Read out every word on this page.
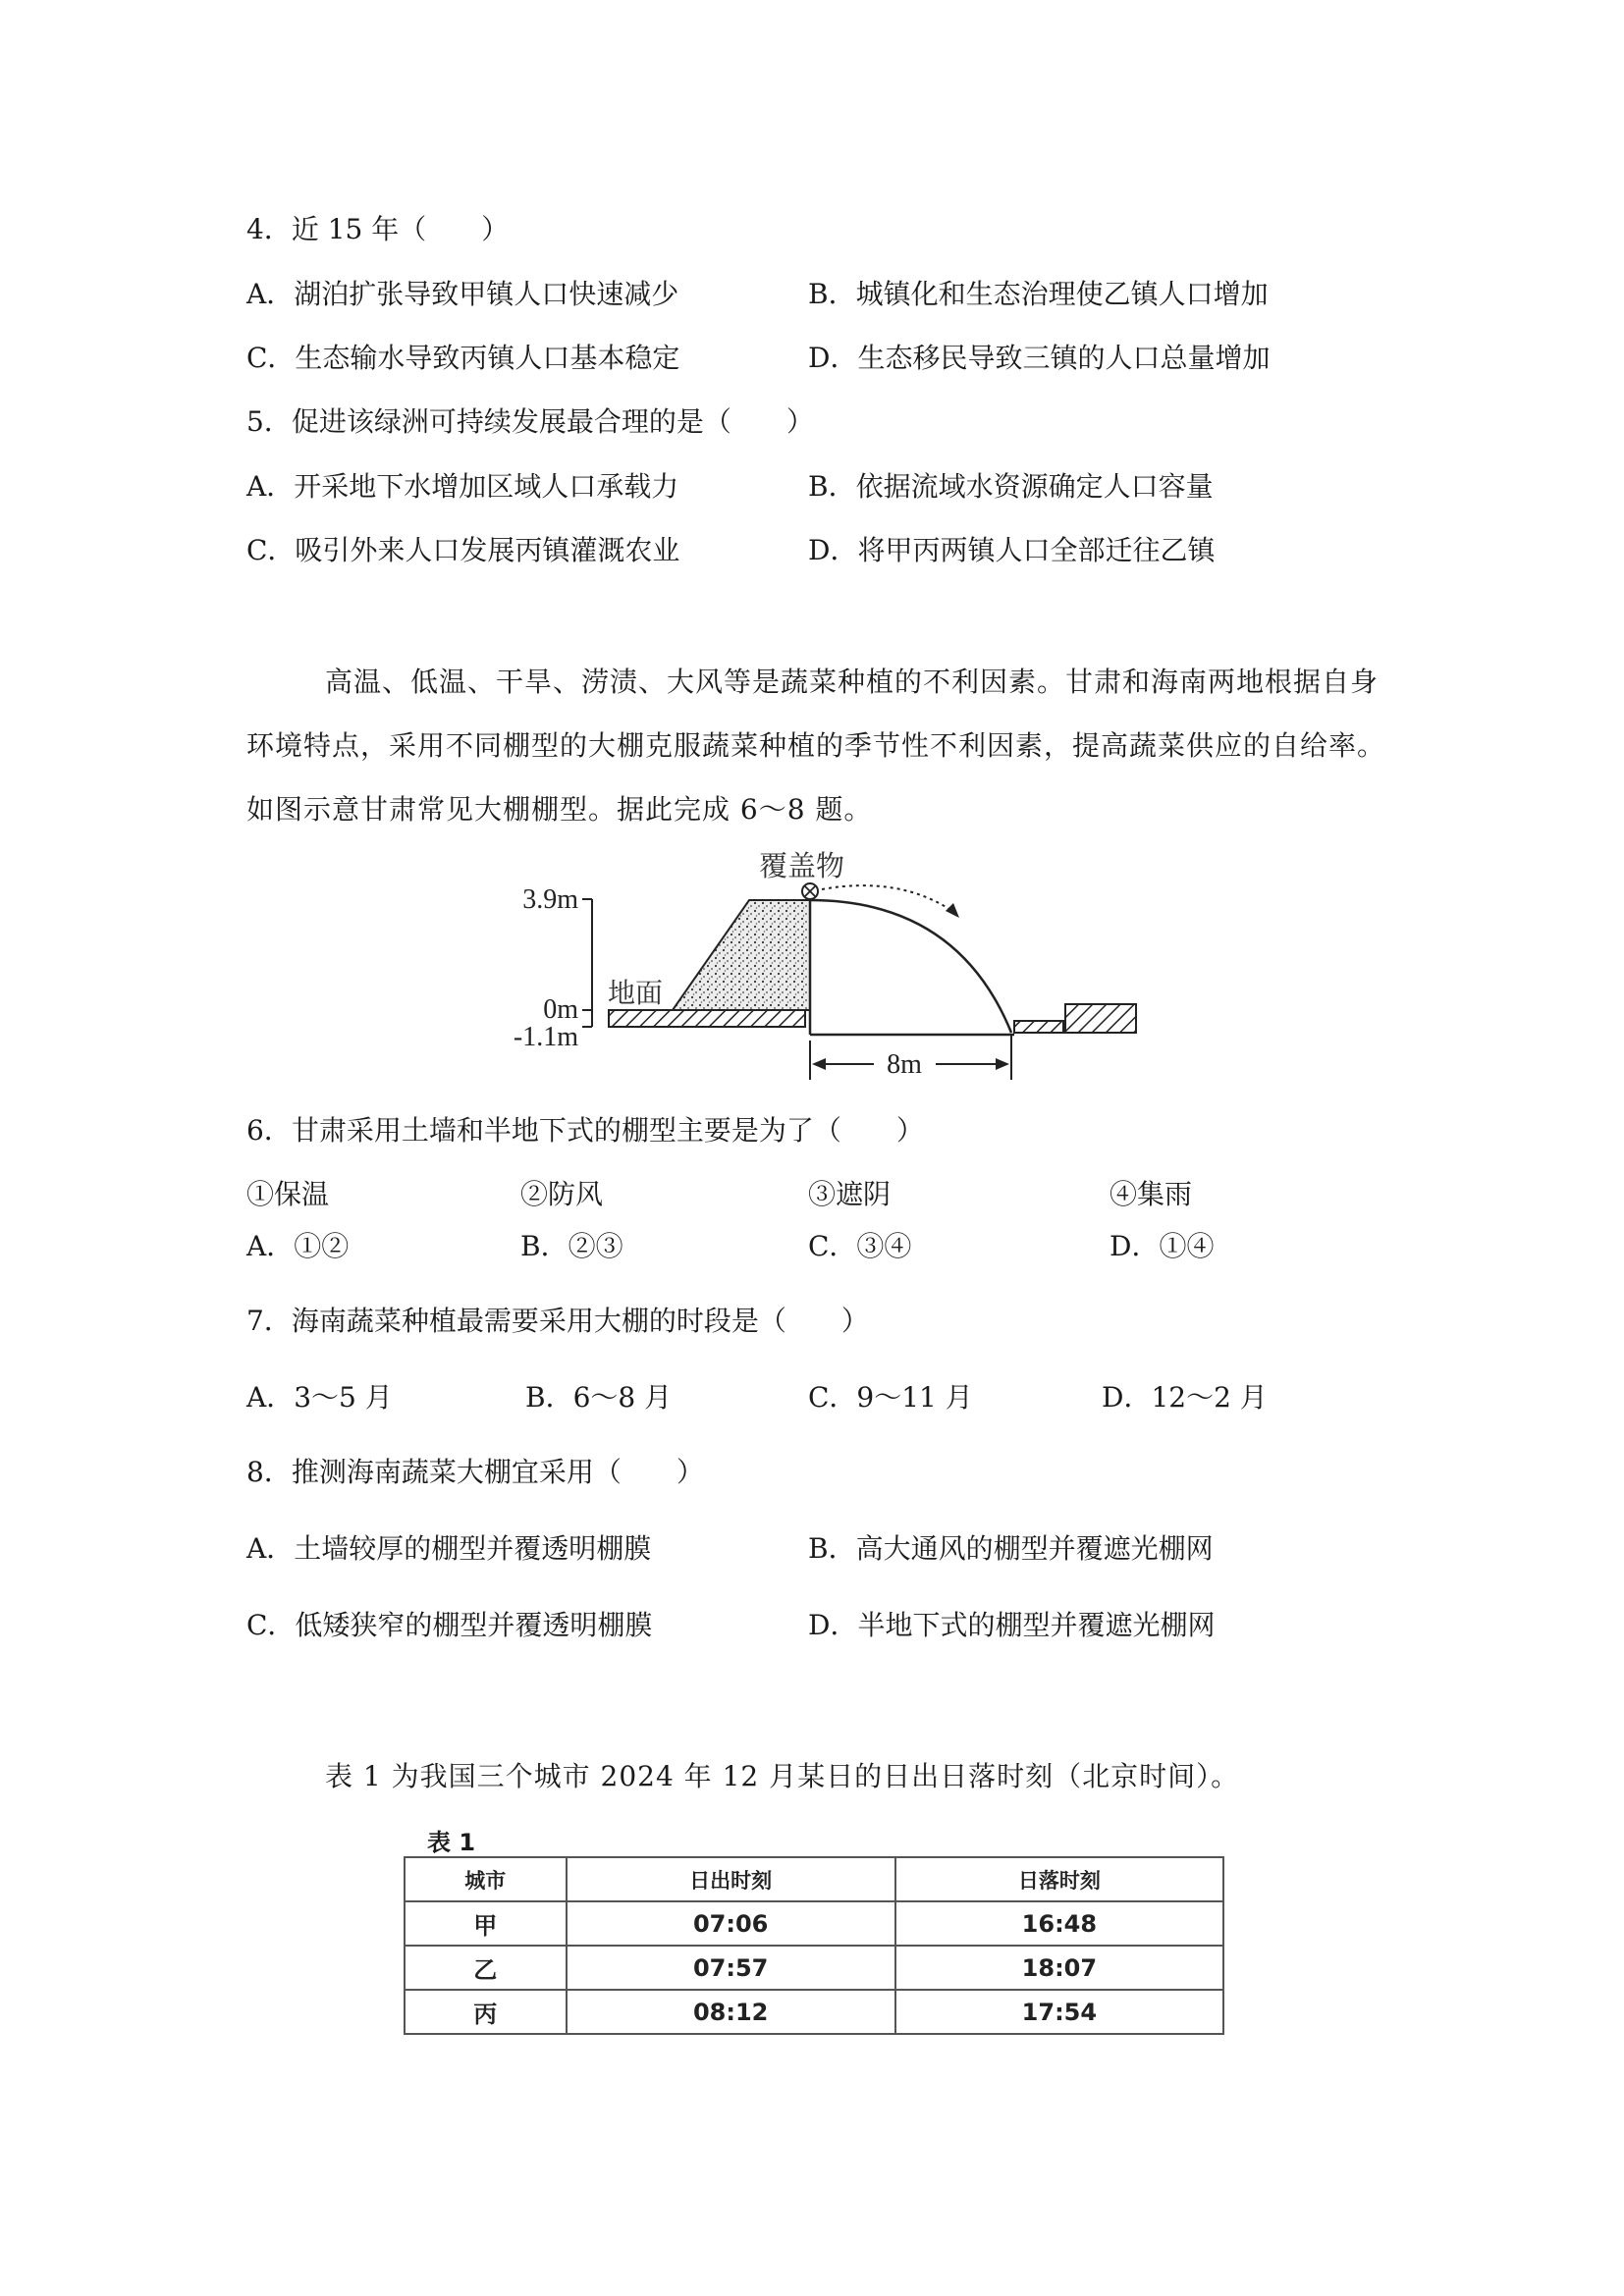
4．近 15 年（　　）
A．湖泊扩张导致甲镇人口快速减少	B．城镇化和生态治理使乙镇人口增加
C．生态输水导致丙镇人口基本稳定	D．生态移民导致三镇的人口总量增加
5．促进该绿洲可持续发展最合理的是（　　）
A．开采地下水增加区域人口承载力	B．依据流域水资源确定人口容量
C．吸引外来人口发展丙镇灌溉农业	D．将甲丙两镇人口全部迁往乙镇
高温、低温、干旱、涝渍、大风等是蔬菜种植的不利因素。甘肃和海南两地根据自身
环境特点，采用不同棚型的大棚克服蔬菜种植的季节性不利因素，提高蔬菜供应的自给率。
如图示意甘肃常见大棚棚型。据此完成 6～8 题。
覆盖物
3.9m
0m
-1.1m
地面
8m
6．甘肃采用土墙和半地下式的棚型主要是为了（　　）
①保温	②防风	③遮阴	④集雨
A．①②	B．②③	C．③④	D．①④
7．海南蔬菜种植最需要采用大棚的时段是（　　）
A．3～5 月	B．6～8 月	C．9～11 月	D．12～2 月
8．推测海南蔬菜大棚宜采用（　　）
A．土墙较厚的棚型并覆透明棚膜	B．高大通风的棚型并覆遮光棚网
C．低矮狭窄的棚型并覆透明棚膜	D．半地下式的棚型并覆遮光棚网
表 1 为我国三个城市 2024 年 12 月某日的日出日落时刻（北京时间）。
表 1
城市	日出时刻	日落时刻
甲	07:06	16:48
乙	07:57	18:07
丙	08:12	17:54
